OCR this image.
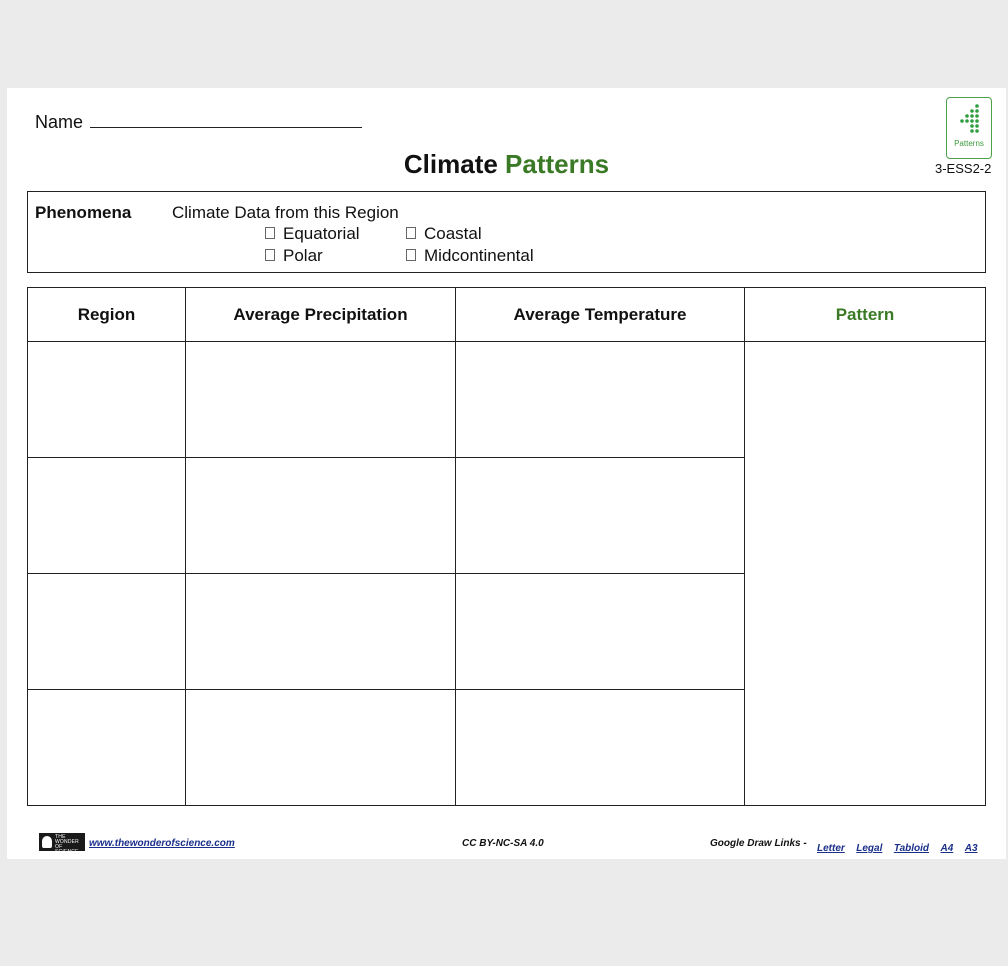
Name
Climate Patterns
Patterns
3-ESS2-2
Phenomena Climate Data from this Region
Equatorial	Coastal
Polar	Midcontinental
Region	Average Precipitation	Average Temperature	Pattern
THE WONDER OF SCIENCE
www.thewonderofscience.com	CC BY-NC-SA 4.0	Google Draw Links - Letter Legal Tabloid A4 A3
